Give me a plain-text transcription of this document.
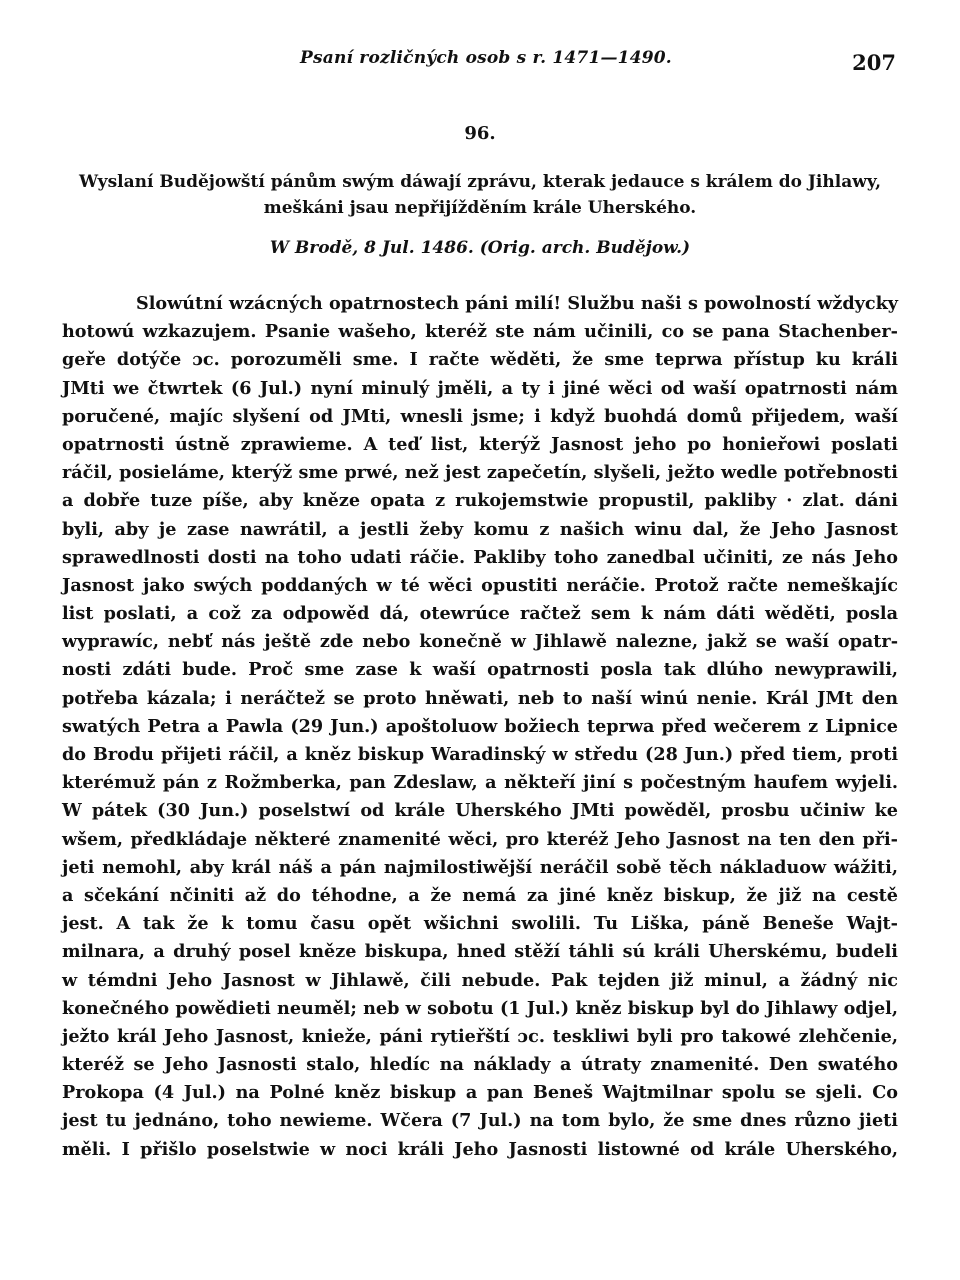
Psaní rozličných osob s r. 1471—1490.	207
96.
Wyslaní Budějowští pánům swým dáwají zprávu, kterak jedauce s králem do Jihlawy, meškáni jsau nepřijížděním krále Uherského.
W Brodě, 8 Jul. 1486. (Orig. arch. Budějow.)
Slowútní wzácných opatrnostech páni milí! Službu naši s powolností wždycky
hotowú wzkazujem. Psanie wašeho, kteréž ste nám učinili, co se pana Stachenber-
geře dotýče ɔc. porozuměli sme. I račte wěděti, že sme teprwa přístup ku králi
JMti we čtwrtek (6 Jul.) nyní minulý jměli, a ty i jiné wěci od waší opatrnosti nám
poručené, majíc slyšení od JMti, wnesli jsme; i když buohdá domů přijedem, waší
opatrnosti ústně zprawieme. A teď list, kterýž Jasnost jeho po honieřowi poslati
ráčil, posieláme, kterýž sme prwé, než jest zapečetín, slyšeli, ježto wedle potřebnosti
a dobře tuze píše, aby kněze opata z rukojemstwie propustil, pakliby · zlat. dáni
byli, aby je zase nawrátil, a jestli žeby komu z našich winu dal, že Jeho Jasnost
sprawedlnosti dosti na toho udati ráčie. Pakliby toho zanedbal učiniti, ze nás Jeho
Jasnost jako swých poddaných w té wěci opustiti neráčie. Protož račte nemeškajíc
list poslati, a což za odpowěd dá, otewrúce račtež sem k nám dáti wěděti, posla
wyprawíc, nebť nás ještě zde nebo konečně w Jihlawě nalezne, jakž se waší opatr-
nosti zdáti bude. Proč sme zase k waší opatrnosti posla tak dlúho newyprawili,
potřeba kázala; i neráčtež se proto hněwati, neb to naší winú nenie. Král JMt den
swatých Petra a Pawla (29 Jun.) apoštoluow božiech teprwa před wečerem z Lipnice
do Brodu přijeti ráčil, a kněz biskup Waradinský w středu (28 Jun.) před tiem, proti
kterémuž pán z Rožmberka, pan Zdeslaw, a někteří jiní s počestným haufem wyjeli.
W pátek (30 Jun.) poselstwí od krále Uherského JMti powěděl, prosbu učiniw ke
wšem, předkládaje některé znamenité wěci, pro kteréž Jeho Jasnost na ten den při-
jeti nemohl, aby král náš a pán najmilostiwější neráčil sobě těch nákladuow wážiti,
a sčekání nčiniti až do téhodne, a že nemá za jiné kněz biskup, že již na cestě
jest. A tak že k tomu času opět wšichni swolili. Tu Liška, páně Beneše Wajt-
milnara, a druhý posel kněze biskupa, hned stěží táhli sú králi Uherskému, budeli
w témdni Jeho Jasnost w Jihlawě, čili nebude. Pak tejden již minul, a žádný nic
konečného powědieti neuměl; neb w sobotu (1 Jul.) kněz biskup byl do Jihlawy odjel,
ježto král Jeho Jasnost, knieže, páni rytieřští ɔc. teskliwi byli pro takowé zlehčenie,
kteréž se Jeho Jasnosti stalo, hledíc na náklady a útraty znamenité. Den swatého
Prokopa (4 Jul.) na Polné kněz biskup a pan Beneš Wajtmilnar spolu se sjeli. Co
jest tu jednáno, toho newieme. Wčera (7 Jul.) na tom bylo, že sme dnes různo jieti
měli. I přišlo poselstwie w noci králi Jeho Jasnosti listowné od krále Uherského,
